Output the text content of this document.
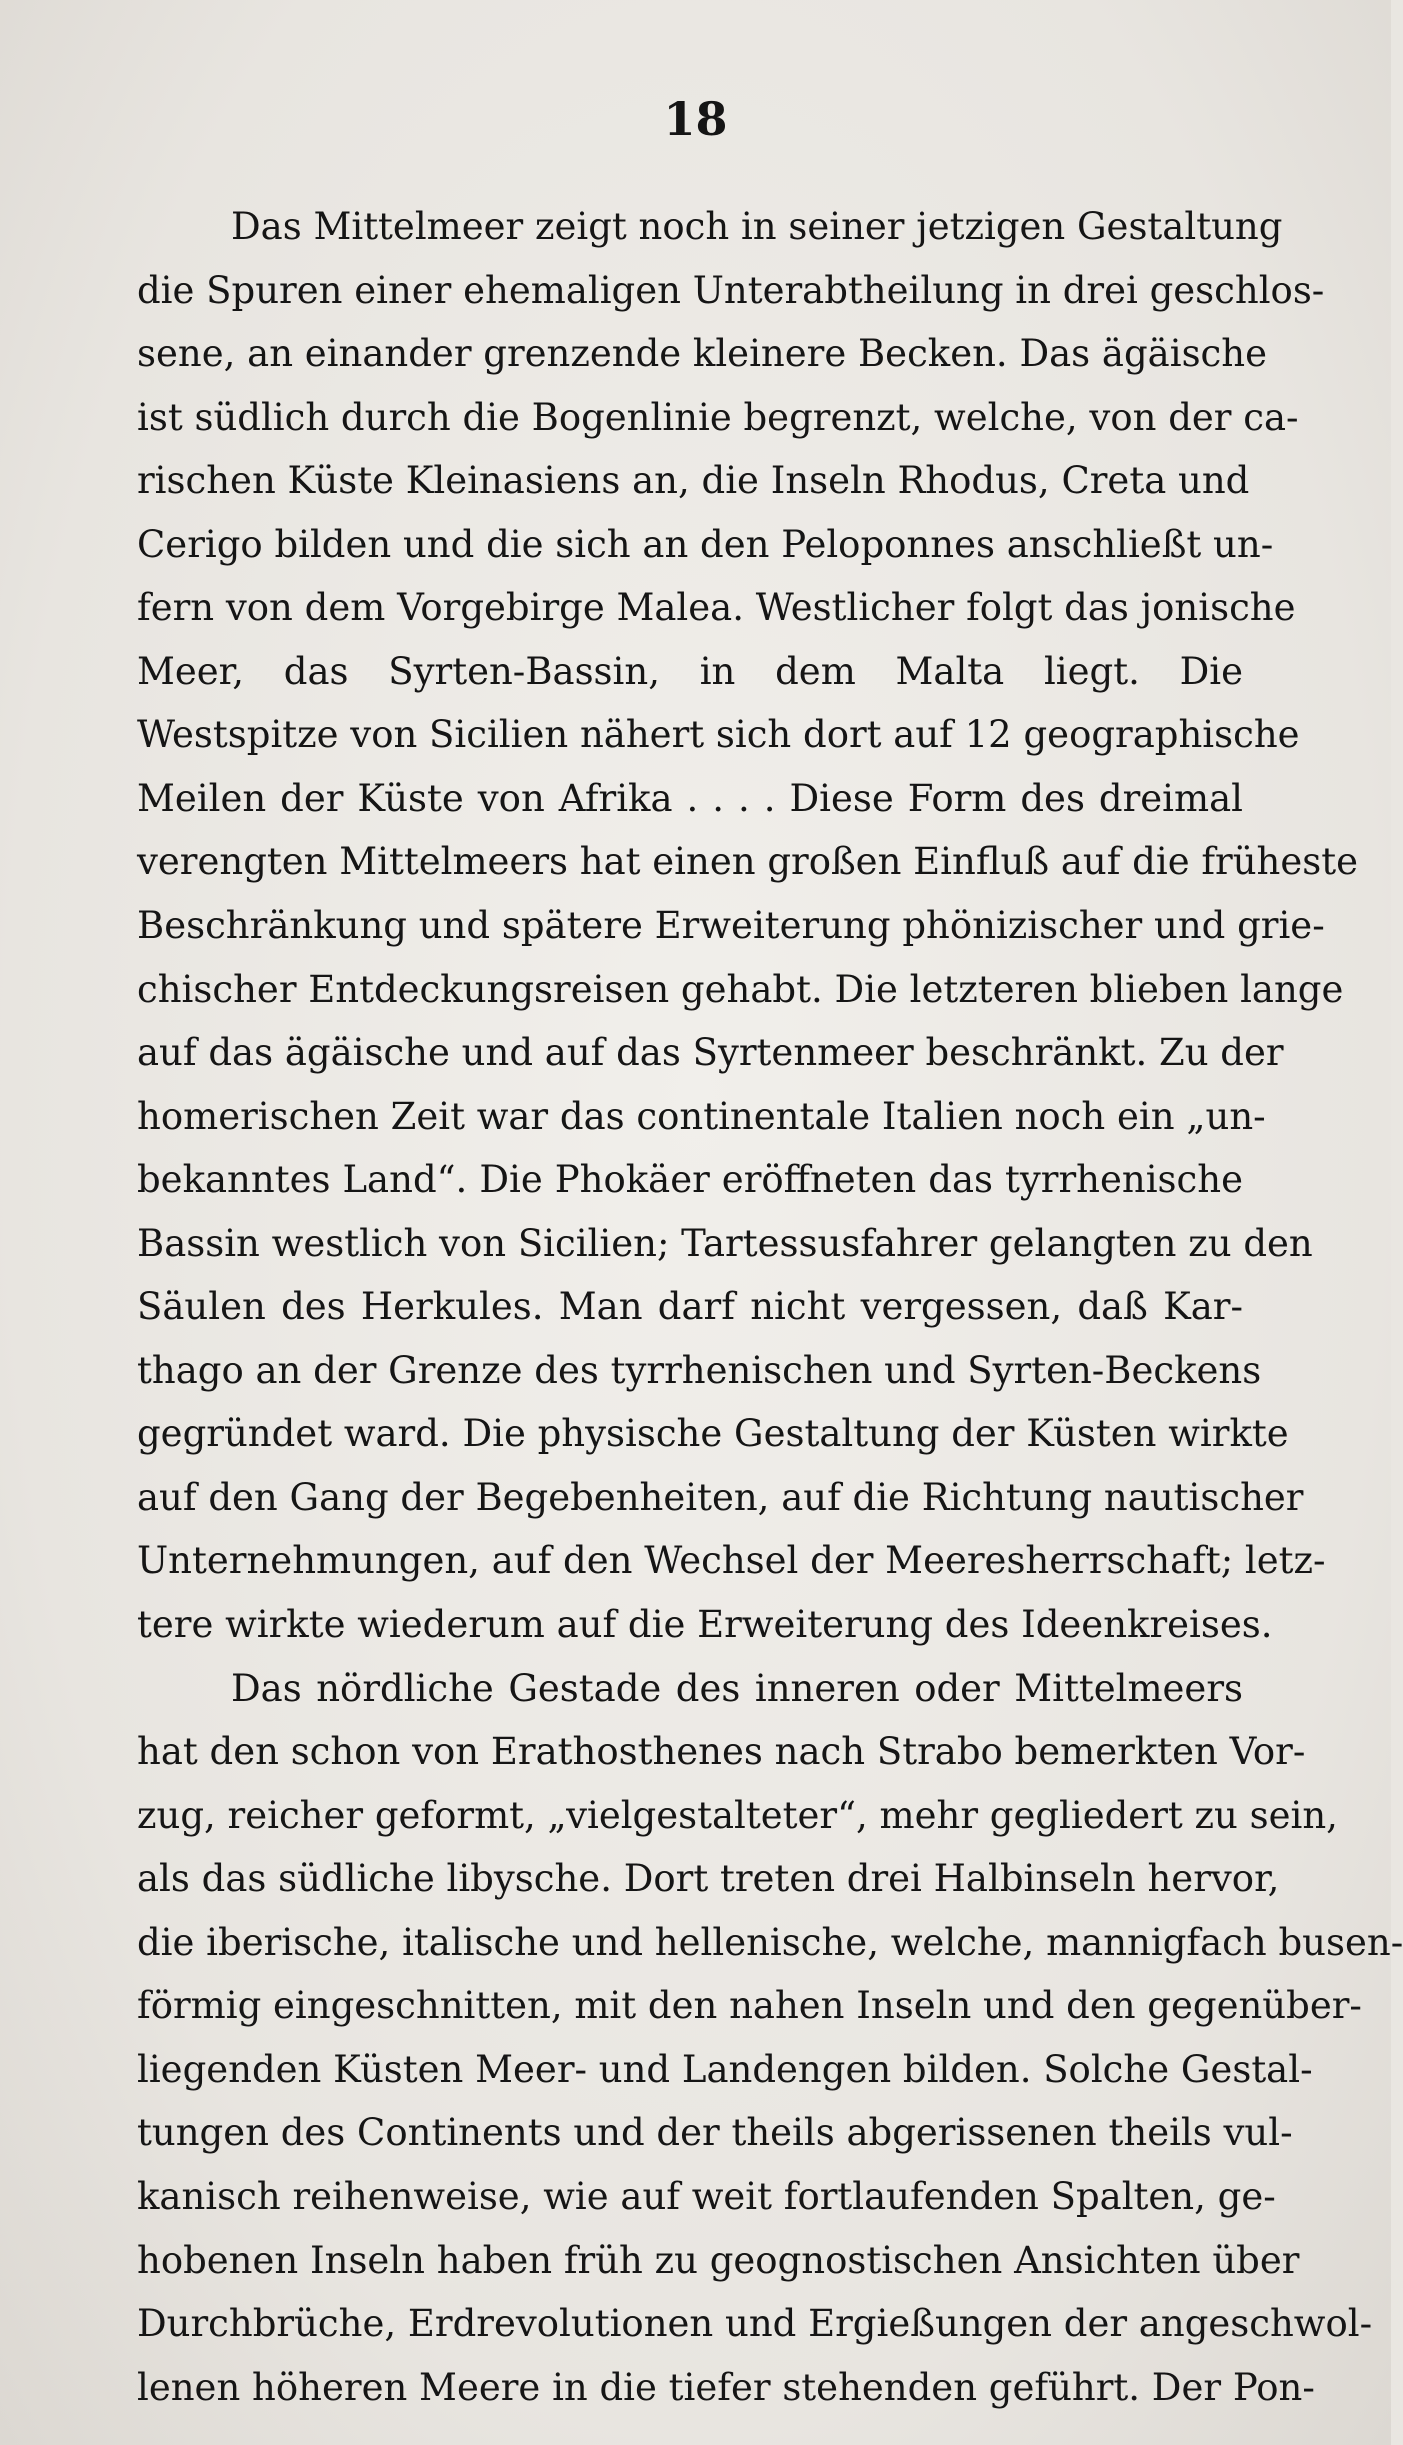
18
Das Mittelmeer zeigt noch in seiner jetzigen Gestaltung
die Spuren einer ehemaligen Unterabtheilung in drei geschlos-
sene, an einander grenzende kleinere Becken. Das ägäische
ist südlich durch die Bogenlinie begrenzt, welche, von der ca-
rischen Küste Kleinasiens an, die Inseln Rhodus, Creta und
Cerigo bilden und die sich an den Peloponnes anschließt un-
fern von dem Vorgebirge Malea. Westlicher folgt das jonische
Meer, das Syrten-Bassin, in dem Malta liegt. Die
Westspitze von Sicilien nähert sich dort auf 12 geographische
Meilen der Küste von Afrika . . . . Diese Form des dreimal
verengten Mittelmeers hat einen großen Einfluß auf die früheste
Beschränkung und spätere Erweiterung phönizischer und grie-
chischer Entdeckungsreisen gehabt. Die letzteren blieben lange
auf das ägäische und auf das Syrtenmeer beschränkt. Zu der
homerischen Zeit war das continentale Italien noch ein „un-
bekanntes Land“. Die Phokäer eröffneten das tyrrhenische
Bassin westlich von Sicilien; Tartessusfahrer gelangten zu den
Säulen des Herkules. Man darf nicht vergessen, daß Kar-
thago an der Grenze des tyrrhenischen und Syrten-Beckens
gegründet ward. Die physische Gestaltung der Küsten wirkte
auf den Gang der Begebenheiten, auf die Richtung nautischer
Unternehmungen, auf den Wechsel der Meeresherrschaft; letz-
tere wirkte wiederum auf die Erweiterung des Ideenkreises.
Das nördliche Gestade des inneren oder Mittelmeers
hat den schon von Erathosthenes nach Strabo bemerkten Vor-
zug, reicher geformt, „vielgestalteter“, mehr gegliedert zu sein,
als das südliche libysche. Dort treten drei Halbinseln hervor,
die iberische, italische und hellenische, welche, mannigfach busen-
förmig eingeschnitten, mit den nahen Inseln und den gegenüber-
liegenden Küsten Meer- und Landengen bilden. Solche Gestal-
tungen des Continents und der theils abgerissenen theils vul-
kanisch reihenweise, wie auf weit fortlaufenden Spalten, ge-
hobenen Inseln haben früh zu geognostischen Ansichten über
Durchbrüche, Erdrevolutionen und Ergießungen der angeschwol-
lenen höheren Meere in die tiefer stehenden geführt. Der Pon-
